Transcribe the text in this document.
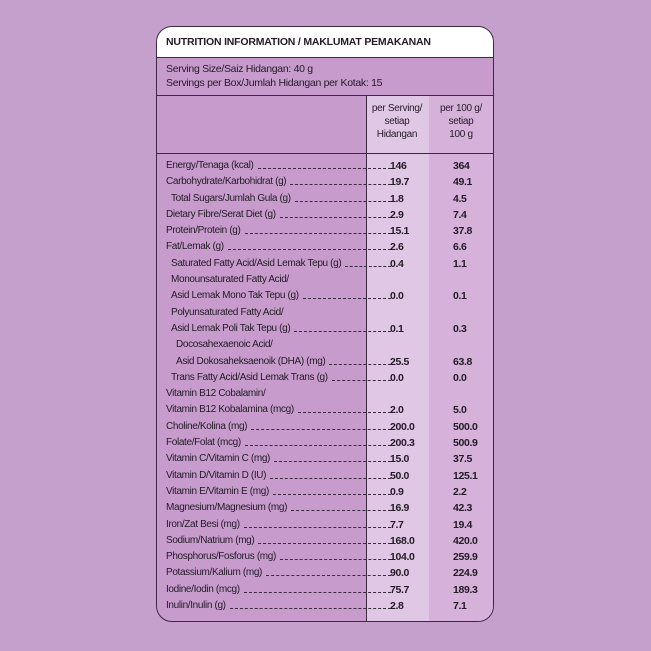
NUTRITION INFORMATION / MAKLUMAT PEMAKANAN
Serving Size/Saiz Hidangan: 40 g
Servings per Box/Jumlah Hidangan per Kotak: 15
per Serving/
setiap
Hidangan
per 100 g/
setiap
100 g
Energy/Tenaga (kcal)	146	364
Carbohydrate/Karbohidrat (g)	19.7	49.1
Total Sugars/Jumlah Gula (g)	1.8	4.5
Dietary Fibre/Serat Diet (g)	2.9	7.4
Protein/Protein (g)	15.1	37.8
Fat/Lemak (g)	2.6	6.6
Saturated Fatty Acid/Asid Lemak Tepu (g)	0.4	1.1
Monounsaturated Fatty Acid/
Asid Lemak Mono Tak Tepu (g)	0.0	0.1
Polyunsaturated Fatty Acid/
Asid Lemak Poli Tak Tepu (g)	0.1	0.3
Docosahexaenoic Acid/
Asid Dokosaheksaenoik (DHA) (mg)	25.5	63.8
Trans Fatty Acid/Asid Lemak Trans (g)	0.0	0.0
Vitamin B12 Cobalamin/
Vitamin B12 Kobalamina (mcg)	2.0	5.0
Choline/Kolina (mg)	200.0	500.0
Folate/Folat (mcg)	200.3	500.9
Vitamin C/Vitamin C (mg)	15.0	37.5
Vitamin D/Vitamin D (IU)	50.0	125.1
Vitamin E/Vitamin E (mg)	0.9	2.2
Magnesium/Magnesium (mg)	16.9	42.3
Iron/Zat Besi (mg)	7.7	19.4
Sodium/Natrium (mg)	168.0	420.0
Phosphorus/Fosforus (mg)	104.0	259.9
Potassium/Kalium (mg)	90.0	224.9
Iodine/Iodin (mcg)	75.7	189.3
Inulin/Inulin (g)	2.8	7.1
